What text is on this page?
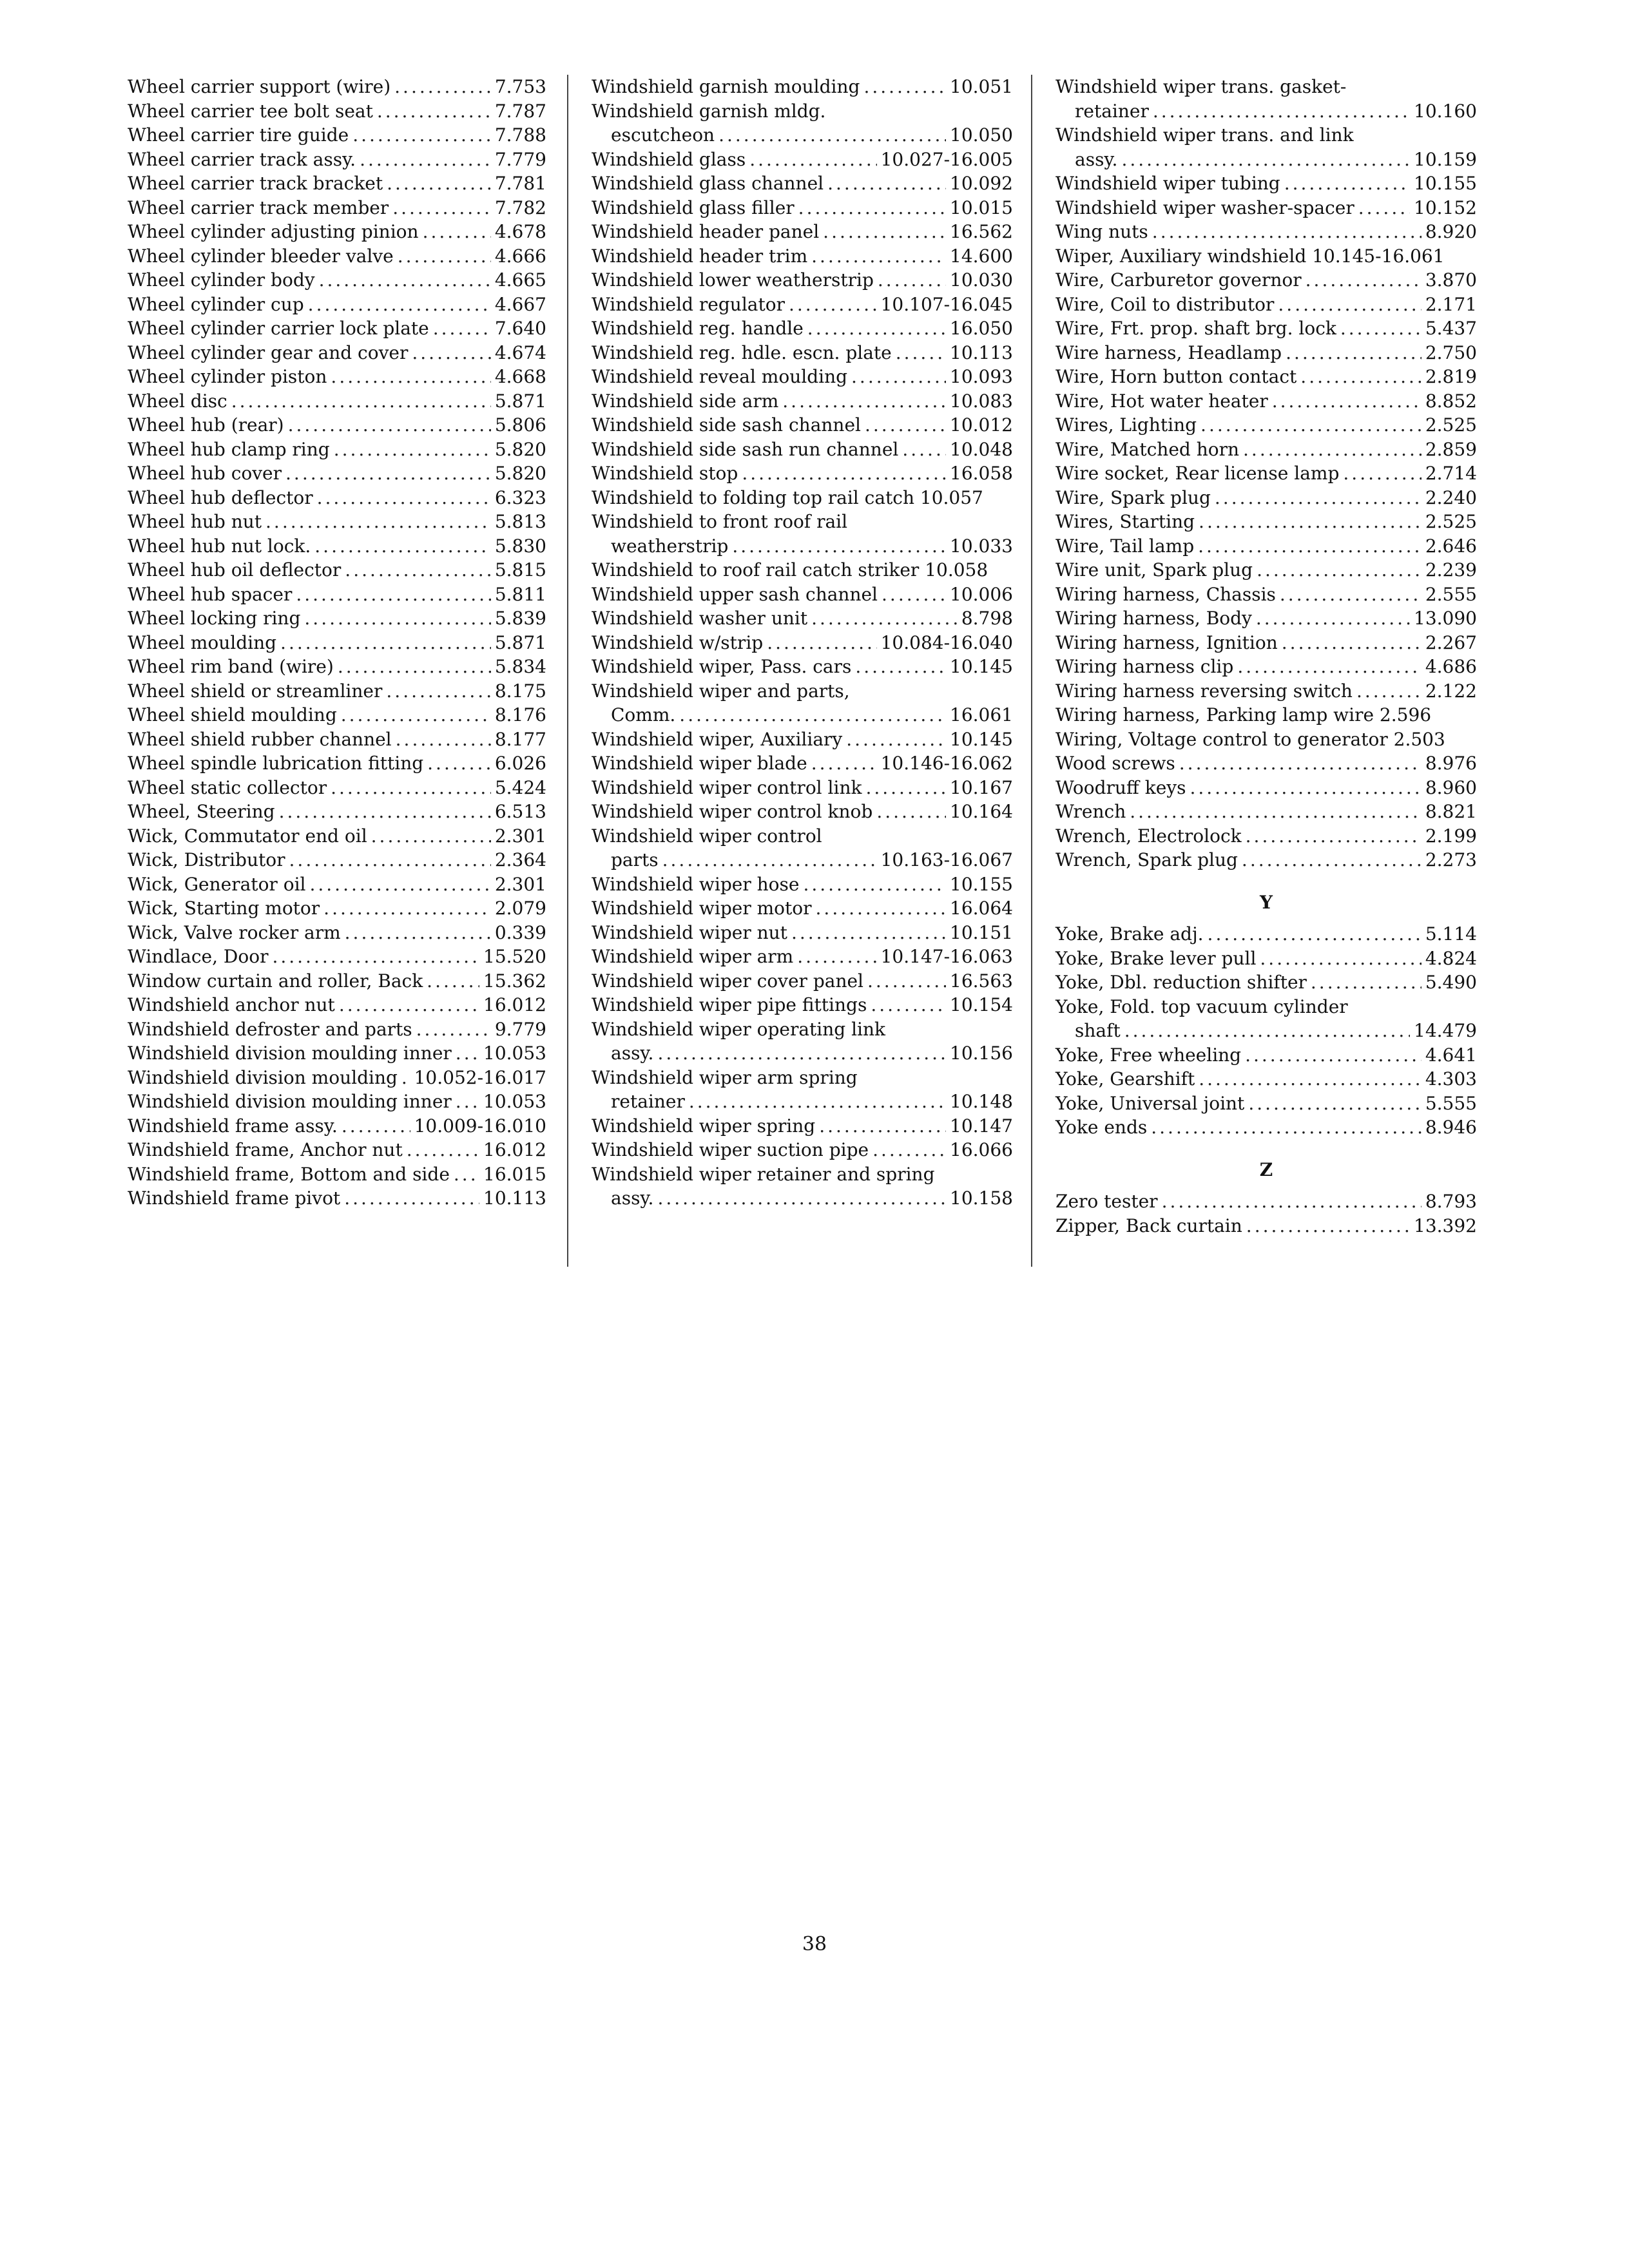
Wheel carrier support (wire) .....	7.753
Wheel carrier tee bolt seat .....	7.787
Wheel carrier tire guide .....	7.788
Wheel carrier track assy. .....	7.779
Wheel carrier track bracket .....	7.781
Wheel carrier track member .....	7.782
Wheel cylinder adjusting pinion .....	4.678
Wheel cylinder bleeder valve .....	4.666
Wheel cylinder body .....	4.665
Wheel cylinder cup .....	4.667
Wheel cylinder carrier lock plate .....	7.640
Wheel cylinder gear and cover .....	4.674
Wheel cylinder piston .....	4.668
Wheel disc .....	5.871
Wheel hub (rear) .....	5.806
Wheel hub clamp ring .....	5.820
Wheel hub cover .....	5.820
Wheel hub deflector .....	6.323
Wheel hub nut .....	5.813
Wheel hub nut lock. .....	5.830
Wheel hub oil deflector .....	5.815
Wheel hub spacer .....	5.811
Wheel locking ring .....	5.839
Wheel moulding .....	5.871
Wheel rim band (wire) .....	5.834
Wheel shield or streamliner .....	8.175
Wheel shield moulding .....	8.176
Wheel shield rubber channel .....	8.177
Wheel spindle lubrication fitting .....	6.026
Wheel static collector .....	5.424
Wheel, Steering .....	6.513
Wick, Commutator end oil .....	2.301
Wick, Distributor .....	2.364
Wick, Generator oil .....	2.301
Wick, Starting motor .....	2.079
Wick, Valve rocker arm .....	0.339
Windlace, Door .....	15.520
Window curtain and roller, Back .....	15.362
Windshield anchor nut .....	16.012
Windshield defroster and parts .....	9.779
Windshield division moulding inner ..... 10.053
Windshield division moulding ..... 10.052-16.017
Windshield division moulding inner ..... 10.053
Windshield frame assy. .....	10.009-16.010
Windshield frame, Anchor nut .....	16.012
Windshield frame, Bottom and side ..... 16.015
Windshield frame pivot .....	10.113
Windshield garnish moulding .....	10.051
Windshield garnish mldg.
escutcheon .....	10.050
Windshield glass .....	10.027-16.005
Windshield glass channel .....	10.092
Windshield glass filler .....	10.015
Windshield header panel .....	16.562
Windshield header trim .....	14.600
Windshield lower weatherstrip .....	10.030
Windshield regulator .....	10.107-16.045
Windshield reg. handle .....	16.050
Windshield reg. hdle. escn. plate .....	10.113
Windshield reveal moulding .....	10.093
Windshield side arm .....	10.083
Windshield side sash channel .....	10.012
Windshield side sash run channel .....	10.048
Windshield stop .....	16.058
Windshield to folding top rail catch 10.057
Windshield to front roof rail
weatherstrip .....	10.033
Windshield to roof rail catch striker 10.058
Windshield upper sash channel .....	10.006
Windshield washer unit .....	8.798
Windshield w/strip .....	10.084-16.040
Windshield wiper, Pass. cars .....	10.145
Windshield wiper and parts,
Comm. .....	16.061
Windshield wiper, Auxiliary .....	10.145
Windshield wiper blade .....	10.146-16.062
Windshield wiper control link .....	10.167
Windshield wiper control knob .....	10.164
Windshield wiper control
parts .....	10.163-16.067
Windshield wiper hose .....	10.155
Windshield wiper motor .....	16.064
Windshield wiper nut .....	10.151
Windshield wiper arm .....	10.147-16.063
Windshield wiper cover panel .....	16.563
Windshield wiper pipe fittings .....	10.154
Windshield wiper operating link
assy. .....	10.156
Windshield wiper arm spring
retainer .....	10.148
Windshield wiper spring .....	10.147
Windshield wiper suction pipe .....	16.066
Windshield wiper retainer and spring
assy. .....	10.158
Windshield wiper trans. gasket-
retainer .....	10.160
Windshield wiper trans. and link
assy. .....	10.159
Windshield wiper tubing .....	10.155
Windshield wiper washer-spacer .....	10.152
Wing nuts .....	8.920
Wiper, Auxiliary windshield 10.145-16.061
Wire, Carburetor governor .....	3.870
Wire, Coil to distributor .....	2.171
Wire, Frt. prop. shaft brg. lock .....	5.437
Wire harness, Headlamp .....	2.750
Wire, Horn button contact .....	2.819
Wire, Hot water heater .....	8.852
Wires, Lighting .....	2.525
Wire, Matched horn .....	2.859
Wire socket, Rear license lamp .....	2.714
Wire, Spark plug .....	2.240
Wires, Starting .....	2.525
Wire, Tail lamp .....	2.646
Wire unit, Spark plug .....	2.239
Wiring harness, Chassis .....	2.555
Wiring harness, Body .....	13.090
Wiring harness, Ignition .....	2.267
Wiring harness clip .....	4.686
Wiring harness reversing switch .....	2.122
Wiring harness, Parking lamp wire 2.596
Wiring, Voltage control to generator 2.503
Wood screws .....	8.976
Woodruff keys .....	8.960
Wrench .....	8.821
Wrench, Electrolock .....	2.199
Wrench, Spark plug .....	2.273
Y
Yoke, Brake adj. .....	5.114
Yoke, Brake lever pull .....	4.824
Yoke, Dbl. reduction shifter .....	5.490
Yoke, Fold. top vacuum cylinder
shaft .....	14.479
Yoke, Free wheeling .....	4.641
Yoke, Gearshift .....	4.303
Yoke, Universal joint .....	5.555
Yoke ends .....	8.946
Z
Zero tester .....	8.793
Zipper, Back curtain .....	13.392
38
